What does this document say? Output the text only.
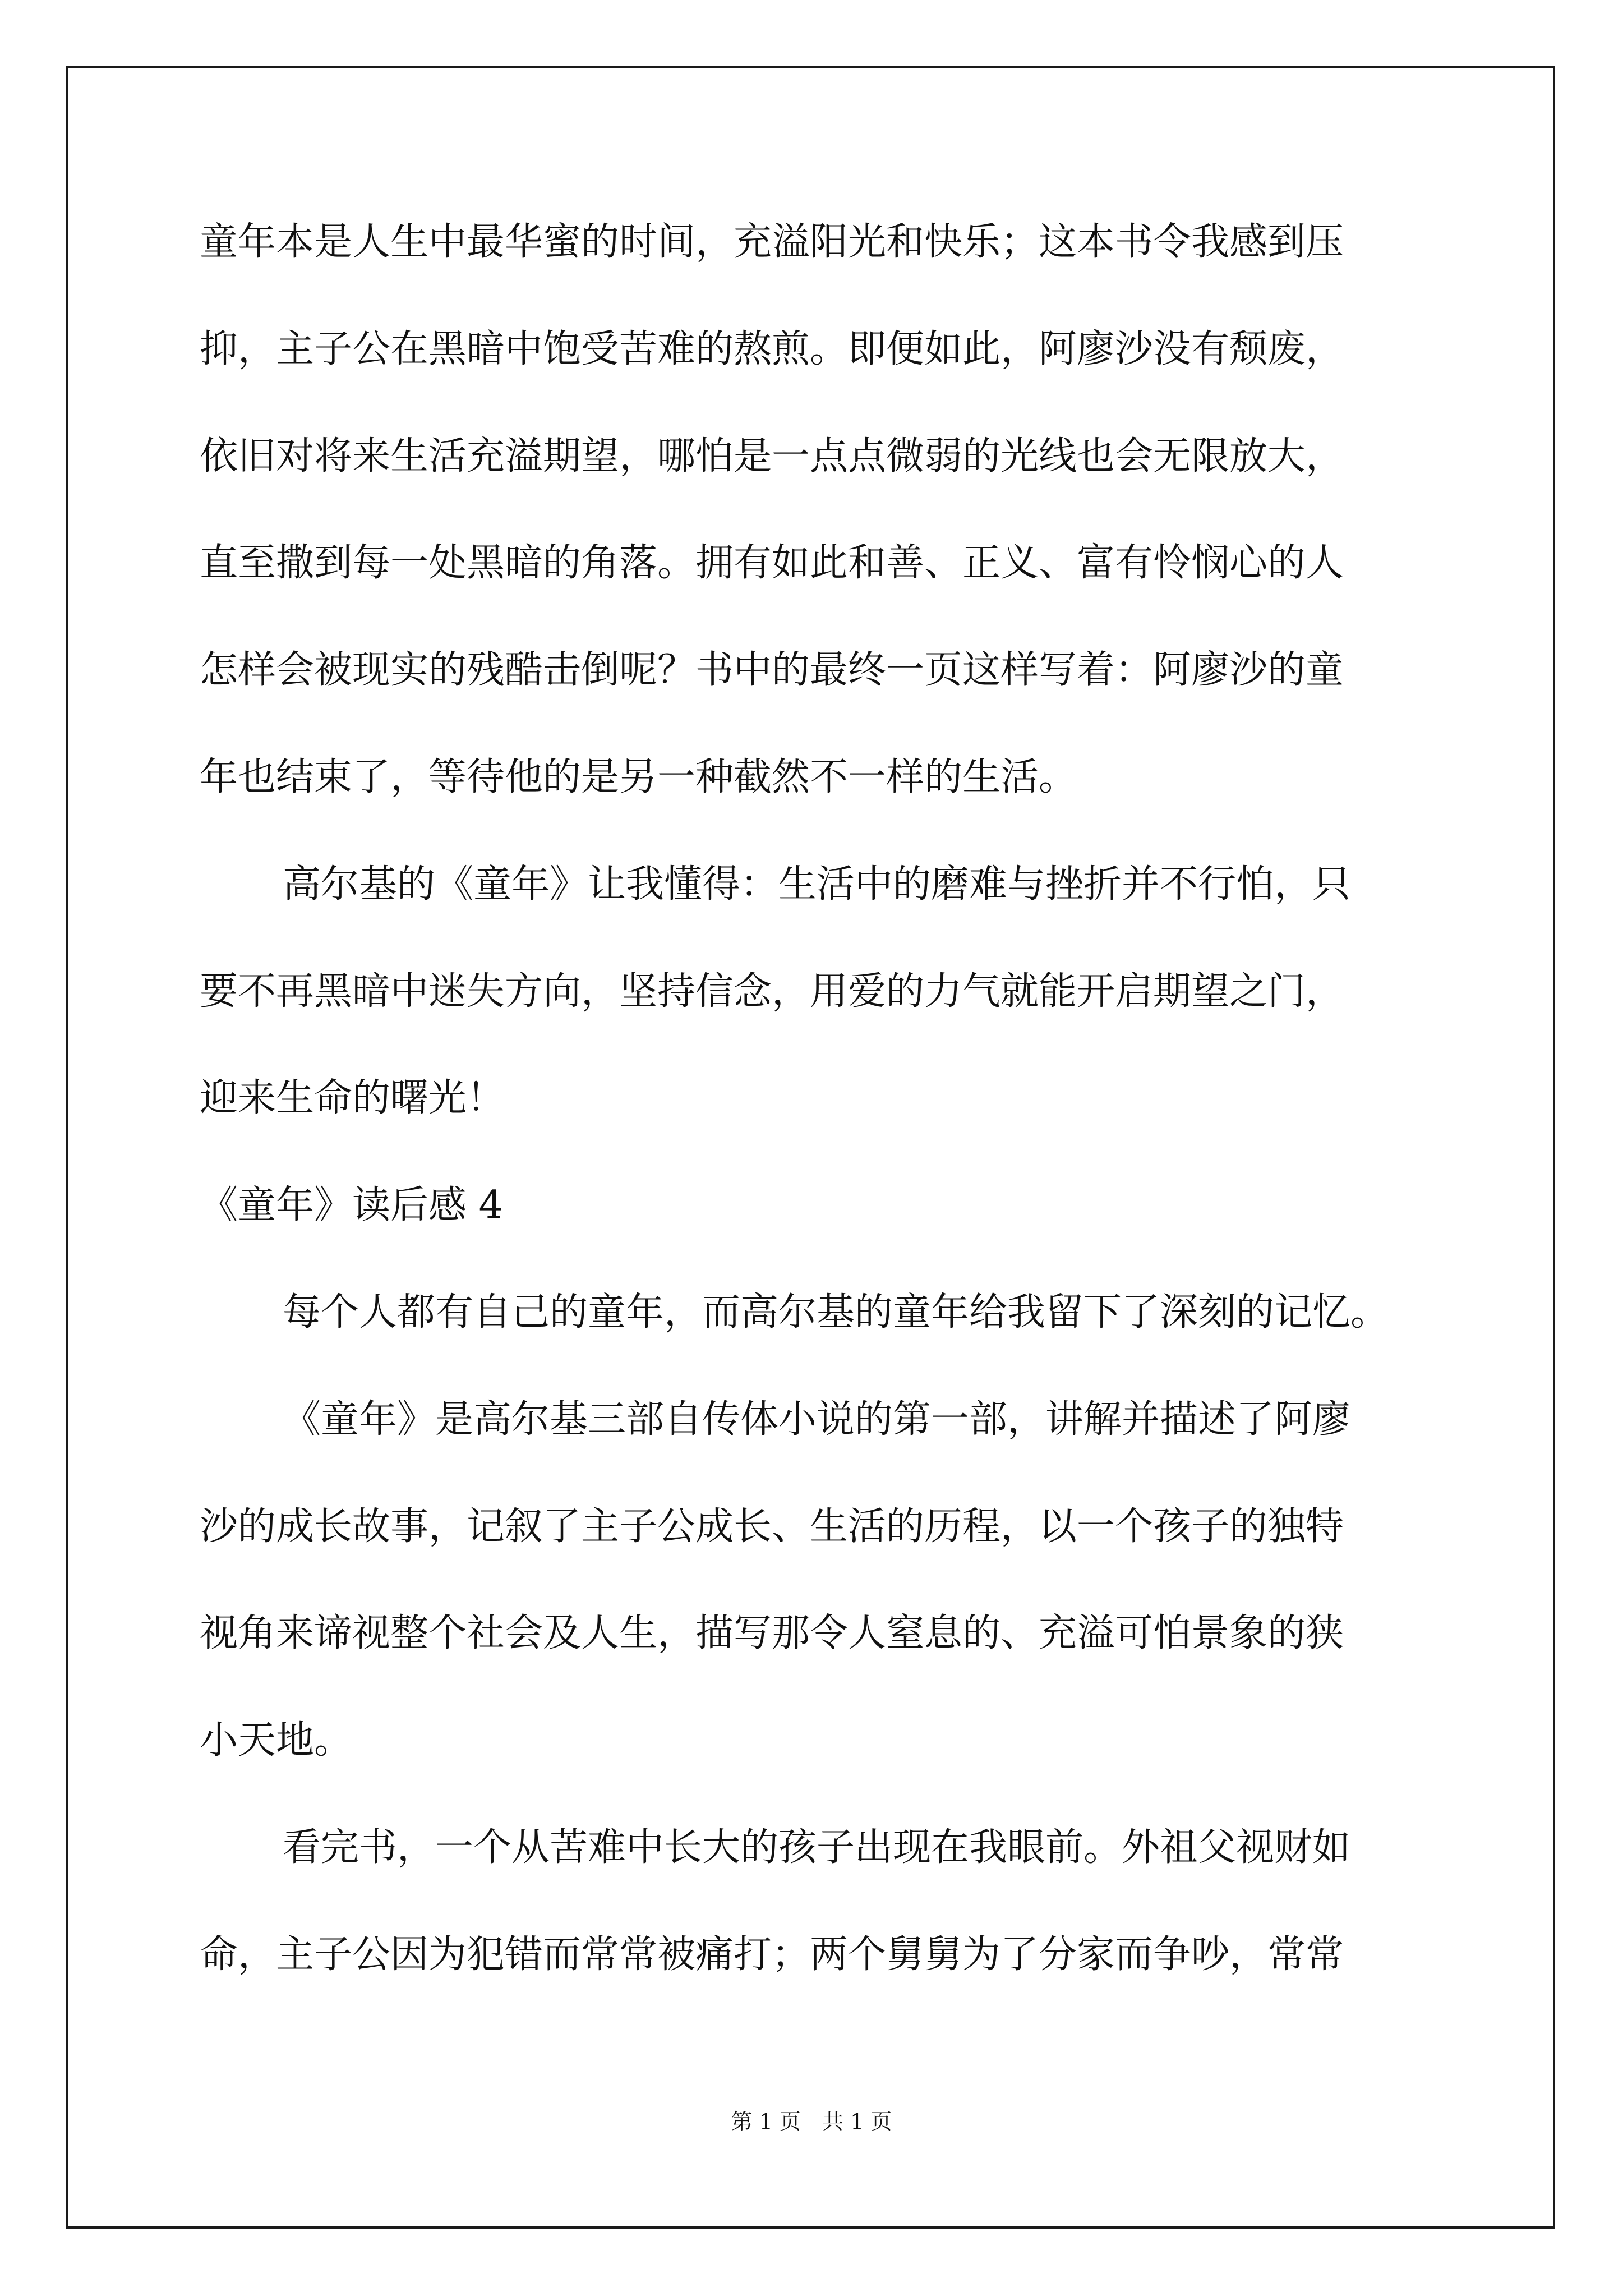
童年本是人生中最华蜜的时间，充溢阳光和快乐；这本书令我感到压
抑，主子公在黑暗中饱受苦难的熬煎。即便如此，阿廖沙没有颓废，
依旧对将来生活充溢期望，哪怕是一点点微弱的光线也会无限放大，
直至撒到每一处黑暗的角落。拥有如此和善、正义、富有怜悯心的人
怎样会被现实的残酷击倒呢？书中的最终一页这样写着：阿廖沙的童
年也结束了，等待他的是另一种截然不一样的生活。
高尔基的《童年》让我懂得：生活中的磨难与挫折并不行怕，只
要不再黑暗中迷失方向，坚持信念，用爱的力气就能开启期望之门，
迎来生命的曙光！
《童年》读后感 4
每个人都有自己的童年，而高尔基的童年给我留下了深刻的记忆。
《童年》是高尔基三部自传体小说的第一部，讲解并描述了阿廖
沙的成长故事，记叙了主子公成长、生活的历程，以一个孩子的独特
视角来谛视整个社会及人生，描写那令人窒息的、充溢可怕景象的狭
小天地。
看完书，一个从苦难中长大的孩子出现在我眼前。外祖父视财如
命，主子公因为犯错而常常被痛打；两个舅舅为了分家而争吵，常常
第 1 页　共 1 页
